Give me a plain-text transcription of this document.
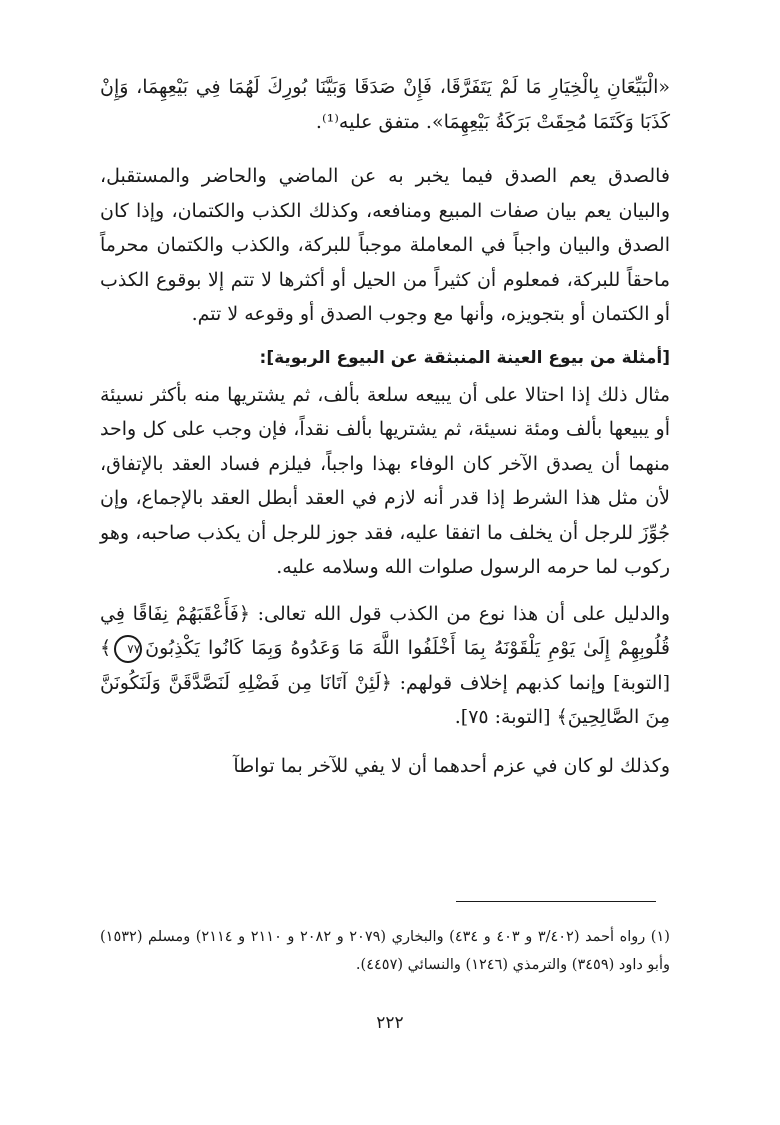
«الْبَيِّعَانِ بِالْخِيَارِ مَا لَمْ يَتَفَرَّقَا، فَإِنْ صَدَقَا وَبَيَّنَا بُورِكَ لَهُمَا فِي بَيْعِهِمَا، وَإِنْ كَذَبَا وَكَتَمَا مُحِقَتْ بَرَكَةُ بَيْعِهِمَا». متفق عليه⁽¹⁾.

فالصدق يعم الصدق فيما يخبر به عن الماضي والحاضر والمستقبل، والبيان يعم بيان صفات المبيع ومنافعه، وكذلك الكذب والكتمان، وإذا كان الصدق والبيان واجباً في المعاملة موجباً للبركة، والكذب والكتمان محرماً ماحقاً للبركة، فمعلوم أن كثيراً من الحيل أو أكثرها لا تتم إلا بوقوع الكذب أو الكتمان أو بتجويزه، وأنها مع وجوب الصدق أو وقوعه لا تتم.

[أمثلة من بيوع العينة المنبثقة عن البيوع الربوية]:

مثال ذلك إذا احتالا على أن يبيعه سلعة بألف، ثم يشتريها منه بأكثر نسيئة أو يبيعها بألف ومئة نسيئة، ثم يشتريها بألف نقداً، فإن وجب على كل واحد منهما أن يصدق الآخر كان الوفاء بهذا واجباً، فيلزم فساد العقد بالإتفاق، لأن مثل هذا الشرط إذا قدر أنه لازم في العقد أبطل العقد بالإجماع، وإن جُوِّزَ للرجل أن يخلف ما اتفقا عليه، فقد جوز للرجل أن يكذب صاحبه، وهو ركوب لما حرمه الرسول صلوات الله وسلامه عليه.

والدليل على أن هذا نوع من الكذب قول الله تعالى: ﴿فَأَعْقَبَهُمْ نِفَاقًا فِي قُلُوبِهِمْ إِلَىٰ يَوْمِ يَلْقَوْنَهُ بِمَا أَخْلَفُوا اللَّهَ مَا وَعَدُوهُ وَبِمَا كَانُوا يَكْذِبُونَ٧٧﴾ [التوبة] وإنما كذبهم إخلاف قولهم: ﴿لَئِنْ آتَانَا مِن فَضْلِهِ لَنَصَّدَّقَنَّ وَلَنَكُونَنَّ مِنَ الصَّالِحِينَ﴾ [التوبة: ٧٥].

وكذلك لو كان في عزم أحدهما أن لا يفي للآخر بما تواطآ

(١) رواه أحمد (٣/٤٠٢ و ٤٠٣ و ٤٣٤) والبخاري (٢٠٧٩ و ٢٠٨٢ و ٢١١٠ و ٢١١٤) ومسلم (١٥٣٢) وأبو داود (٣٤٥٩) والترمذي (١٢٤٦) والنسائي (٤٤٥٧).

٢٢٢
